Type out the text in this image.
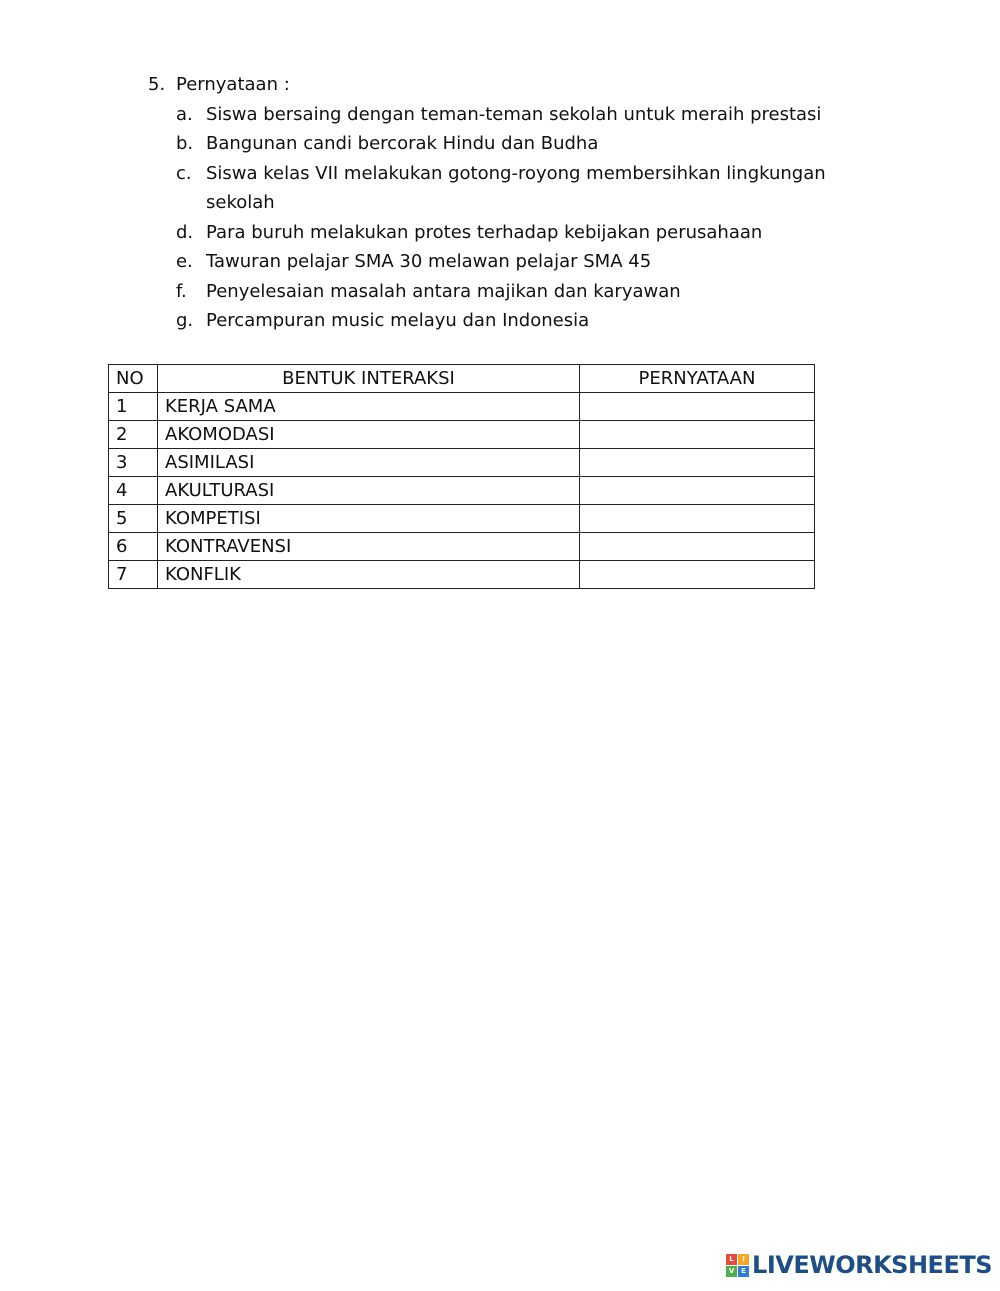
5. Pernyataan :
a. Siswa bersaing dengan teman-teman sekolah untuk meraih prestasi
b. Bangunan candi bercorak Hindu dan Budha
c. Siswa kelas VII melakukan gotong-royong membersihkan lingkungan sekolah
d. Para buruh melakukan protes terhadap kebijakan perusahaan
e. Tawuran pelajar SMA 30 melawan pelajar SMA 45
f.	Penyelesaian masalah antara majikan dan karyawan
g. Percampuran music melayu dan Indonesia
NO	BENTUK INTERAKSI	PERNYATAAN
1	KERJA SAMA	
2	AKOMODASI	
3	ASIMILASI	
4	AKULTURASI	
5	KOMPETISI	
6	KONTRAVENSI	
7	KONFLIK	
L	I
V E LIVEWORKSHEETS
